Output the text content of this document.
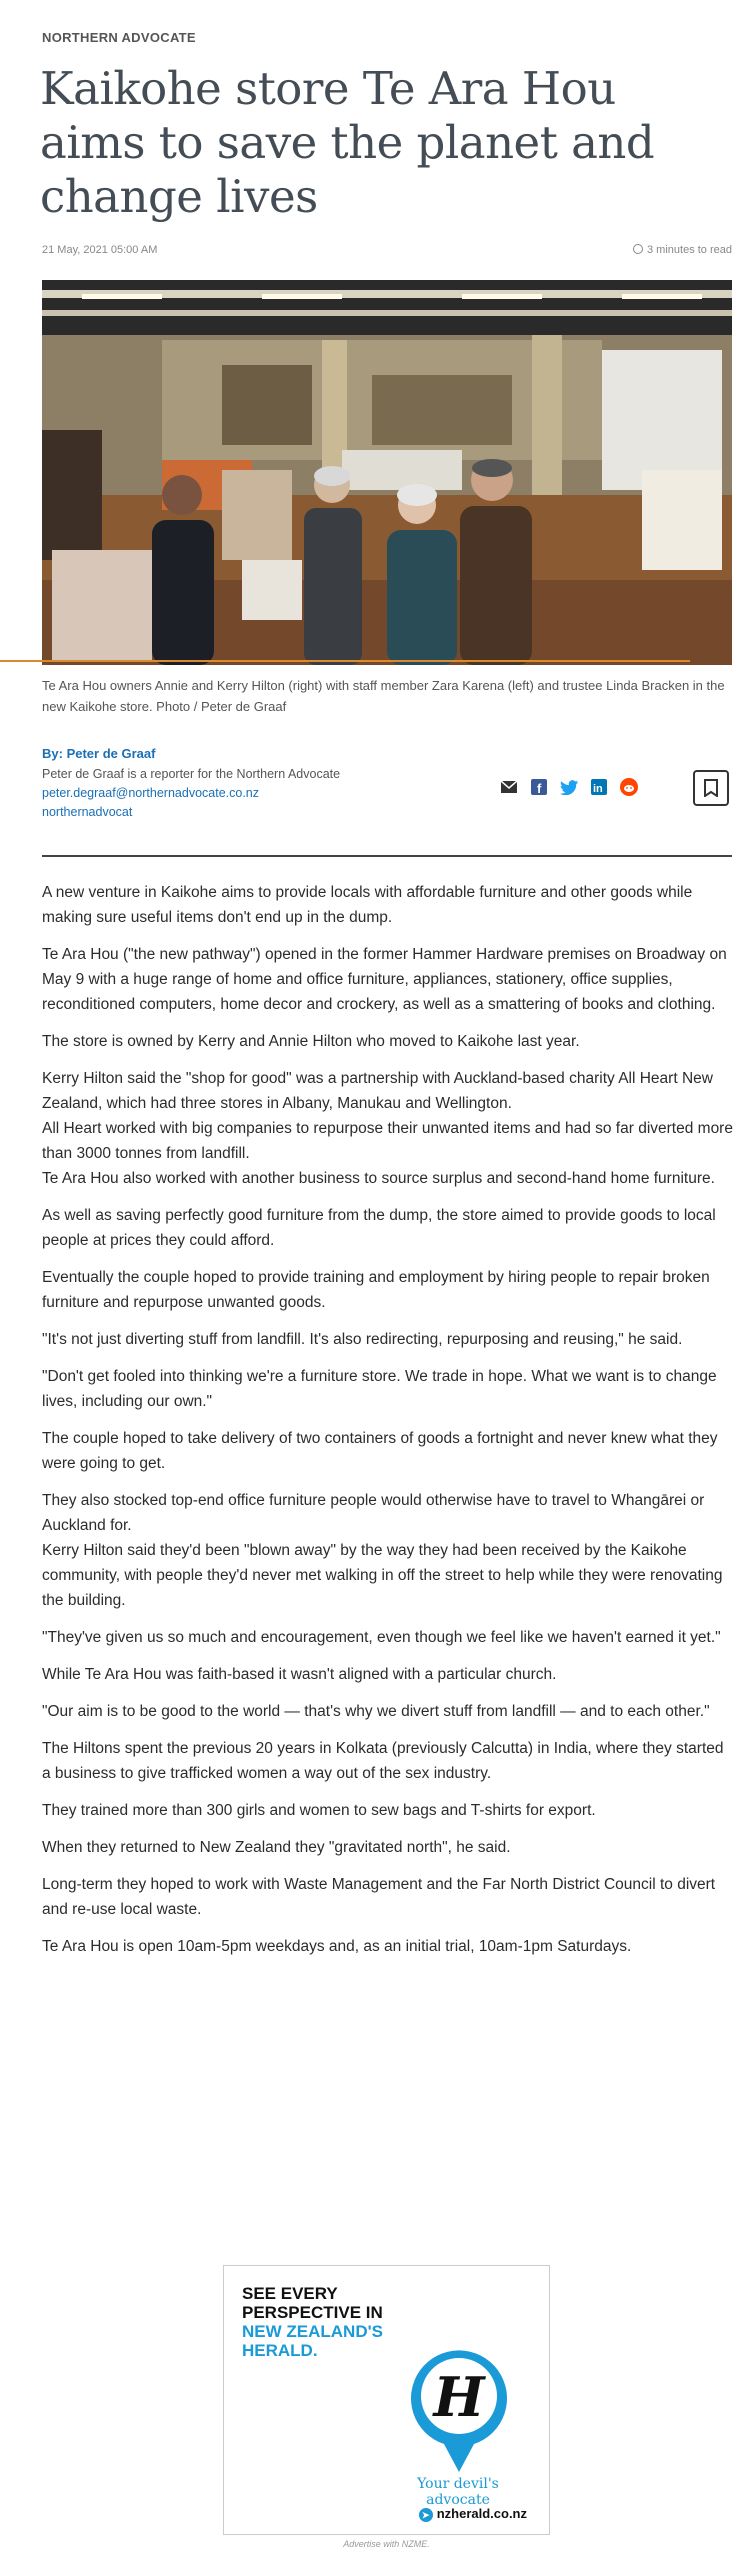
NORTHERN ADVOCATE
Kaikohe store Te Ara Hou aims to save the planet and change lives
21 May, 2021 05:00 AM	3 minutes to read
Te Ara Hou owners Annie and Kerry Hilton (right) with staff member Zara Karena (left) and trustee Linda Bracken in the new Kaikohe store. Photo / Peter de Graaf
By: Peter de Graaf
Peter de Graaf is a reporter for the Northern Advocate
peter.degraaf@northernadvocate.co.nz
northernadvocat
f	in

A new venture in Kaikohe aims to provide locals with affordable furniture and other goods while making sure useful items don't end up in the dump.

Te Ara Hou ("the new pathway") opened in the former Hammer Hardware premises on Broadway on May 9 with a huge range of home and office furniture, appliances, stationery, office supplies, reconditioned computers, home decor and crockery, as well as a smattering of books and clothing.

The store is owned by Kerry and Annie Hilton who moved to Kaikohe last year.

Kerry Hilton said the "shop for good" was a partnership with Auckland-based charity All Heart New Zealand, which had three stores in Albany, Manukau and Wellington.

All Heart worked with big companies to repurpose their unwanted items and had so far diverted more than 3000 tonnes from landfill.

Te Ara Hou also worked with another business to source surplus and second-hand home furniture.

As well as saving perfectly good furniture from the dump, the store aimed to provide goods to local people at prices they could afford.

Eventually the couple hoped to provide training and employment by hiring people to repair broken furniture and repurpose unwanted goods.

"It's not just diverting stuff from landfill. It's also redirecting, repurposing and reusing," he said.

"Don't get fooled into thinking we're a furniture store. We trade in hope. What we want is to change lives, including our own."

The couple hoped to take delivery of two containers of goods a fortnight and never knew what they were going to get.

They also stocked top-end office furniture people would otherwise have to travel to Whangārei or Auckland for.

Kerry Hilton said they'd been "blown away" by the way they had been received by the Kaikohe community, with people they'd never met walking in off the street to help while they were renovating the building.

"They've given us so much and encouragement, even though we feel like we haven't earned it yet."

While Te Ara Hou was faith-based it wasn't aligned with a particular church.

"Our aim is to be good to the world — that's why we divert stuff from landfill — and to each other."

The Hiltons spent the previous 20 years in Kolkata (previously Calcutta) in India, where they started a business to give trafficked women a way out of the sex industry.

They trained more than 300 girls and women to sew bags and T-shirts for export.

When they returned to New Zealand they "gravitated north", he said.

Long-term they hoped to work with Waste Management and the Far North District Council to divert and re-use local waste.

Te Ara Hou is open 10am-5pm weekdays and, as an initial trial, 10am-1pm Saturdays.

SEE EVERY
PERSPECTIVE IN
NEW ZEALAND'S
HERALD.
H
Your devil's
advocate
➤ nzherald.co.nz
Advertise with NZME.
